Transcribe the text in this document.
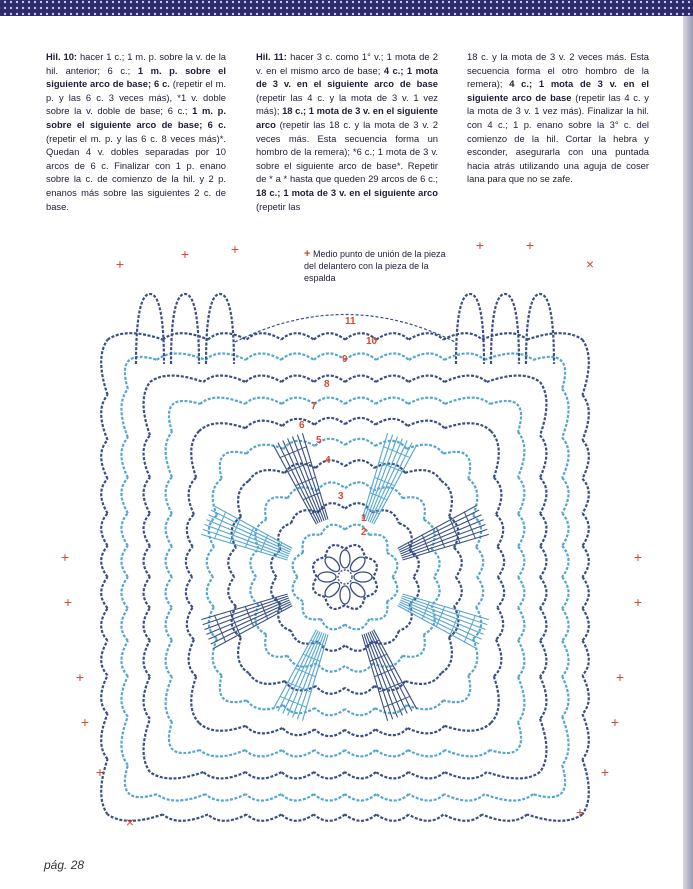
Hil. 10: hacer 1 c.; 1 m. p. sobre la v. de la hil. anterior; 6 c.; 1 m. p. sobre el siguiente arco de base; 6 c. (repetir el m. p. y las 6 c. 3 veces más), *1 v. doble sobre la v. doble de base; 6 c.; 1 m. p. sobre el siguiente arco de base; 6 c. (repetir el m. p. y las 6 c. 8 veces más)*. Quedan 4 v. dobles separadas por 10 arcos de 6 c. Finalizar con 1 p. enano sobre la c. de comienzo de la hil. y 2 p. enanos más sobre las siguientes 2 c. de base.

Hil. 11: hacer 3 c. como 1° v.; 1 mota de 2 v. en el mismo arco de base; 4 c.; 1 mota de 3 v. en el siguiente arco de base (repetir las 4 c. y la mota de 3 v. 1 vez más); 18 c.; 1 mota de 3 v. en el siguiente arco (repetir las 18 c. y la mota de 3 v. 2 veces más. Esta secuencia forma un hombro de la remera); *6 c.; 1 mota de 3 v. sobre el siguiente arco de base*. Repetir de * a * hasta que queden 29 arcos de 6 c.; 18 c.; 1 mota de 3 v. en el siguiente arco (repetir las

18 c. y la mota de 3 v. 2 veces más. Esta secuencia forma el otro hombro de la remera); 4 c.; 1 mota de 3 v. en el siguiente arco de base (repetir las 4 c. y la mota de 3 v. 1 vez más). Finalizar la hil. con 4 c.; 1 p. enano sobre la 3° c. del comienzo de la hil. Cortar la hebra y esconder, asegurarla con una puntada hacia atrás utilizando una aguja de coser lana para que no se zafe.

+ Medio punto de unión de la pieza del delantero con la pieza de la espalda
+
+	+	+	+
×
+
+
+
+
+
+
+
+
+
×
+
+
1
2
3
4
5
6
7
8
9
10
11
pág. 28
